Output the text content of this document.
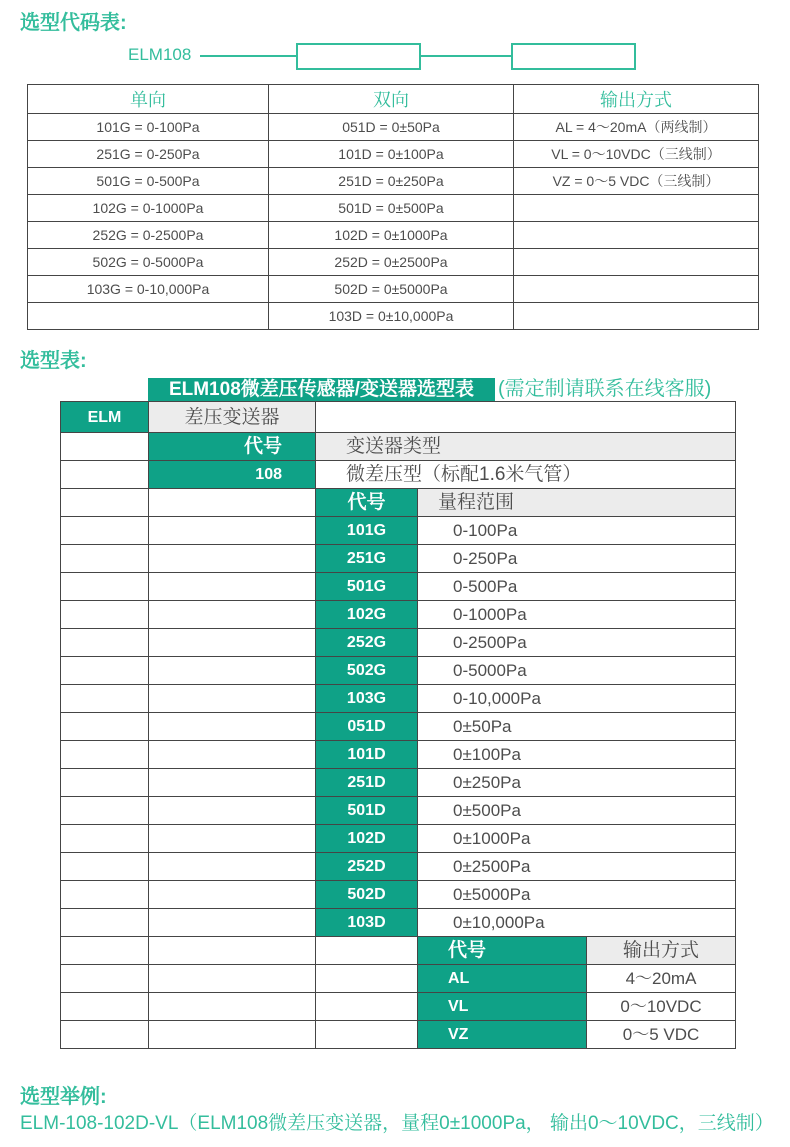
选型代码表:
ELM108
单向	双向	输出方式
101G = 0-100Pa	051D = 0±50Pa	AL = 4～20mA（两线制）
251G = 0-250Pa	101D = 0±100Pa	VL = 0～10VDC（三线制）
501G = 0-500Pa	251D = 0±250Pa	VZ = 0～5 VDC（三线制）
102G = 0-1000Pa	501D = 0±500Pa	
252G = 0-2500Pa	102D = 0±1000Pa	
502G = 0-5000Pa	252D = 0±2500Pa	
103G = 0-10,000Pa	502D = 0±5000Pa	
	103D = 0±10,000Pa	
选型表:
ELM108微差压传感器/变送器选型表 (需定制请联系在线客服)
ELM	差压变送器
代号	变送器类型
108	微差压型（标配1.6米气管）
代号	量程范围
101G	0-100Pa
251G	0-250Pa
501G	0-500Pa
102G	0-1000Pa
252G	0-2500Pa
502G	0-5000Pa
103G	0-10,000Pa
051D	0±50Pa
101D	0±100Pa
251D	0±250Pa
501D	0±500Pa
102D	0±1000Pa
252D	0±2500Pa
502D	0±5000Pa
103D	0±10,000Pa
代号	输出方式
AL	4～20mA
VL	0～10VDC
VZ	0～5 VDC
选型举例:
ELM-108-102D-VL（ELM108微差压变送器，量程0±1000Pa， 输出0～10VDC，三线制）
